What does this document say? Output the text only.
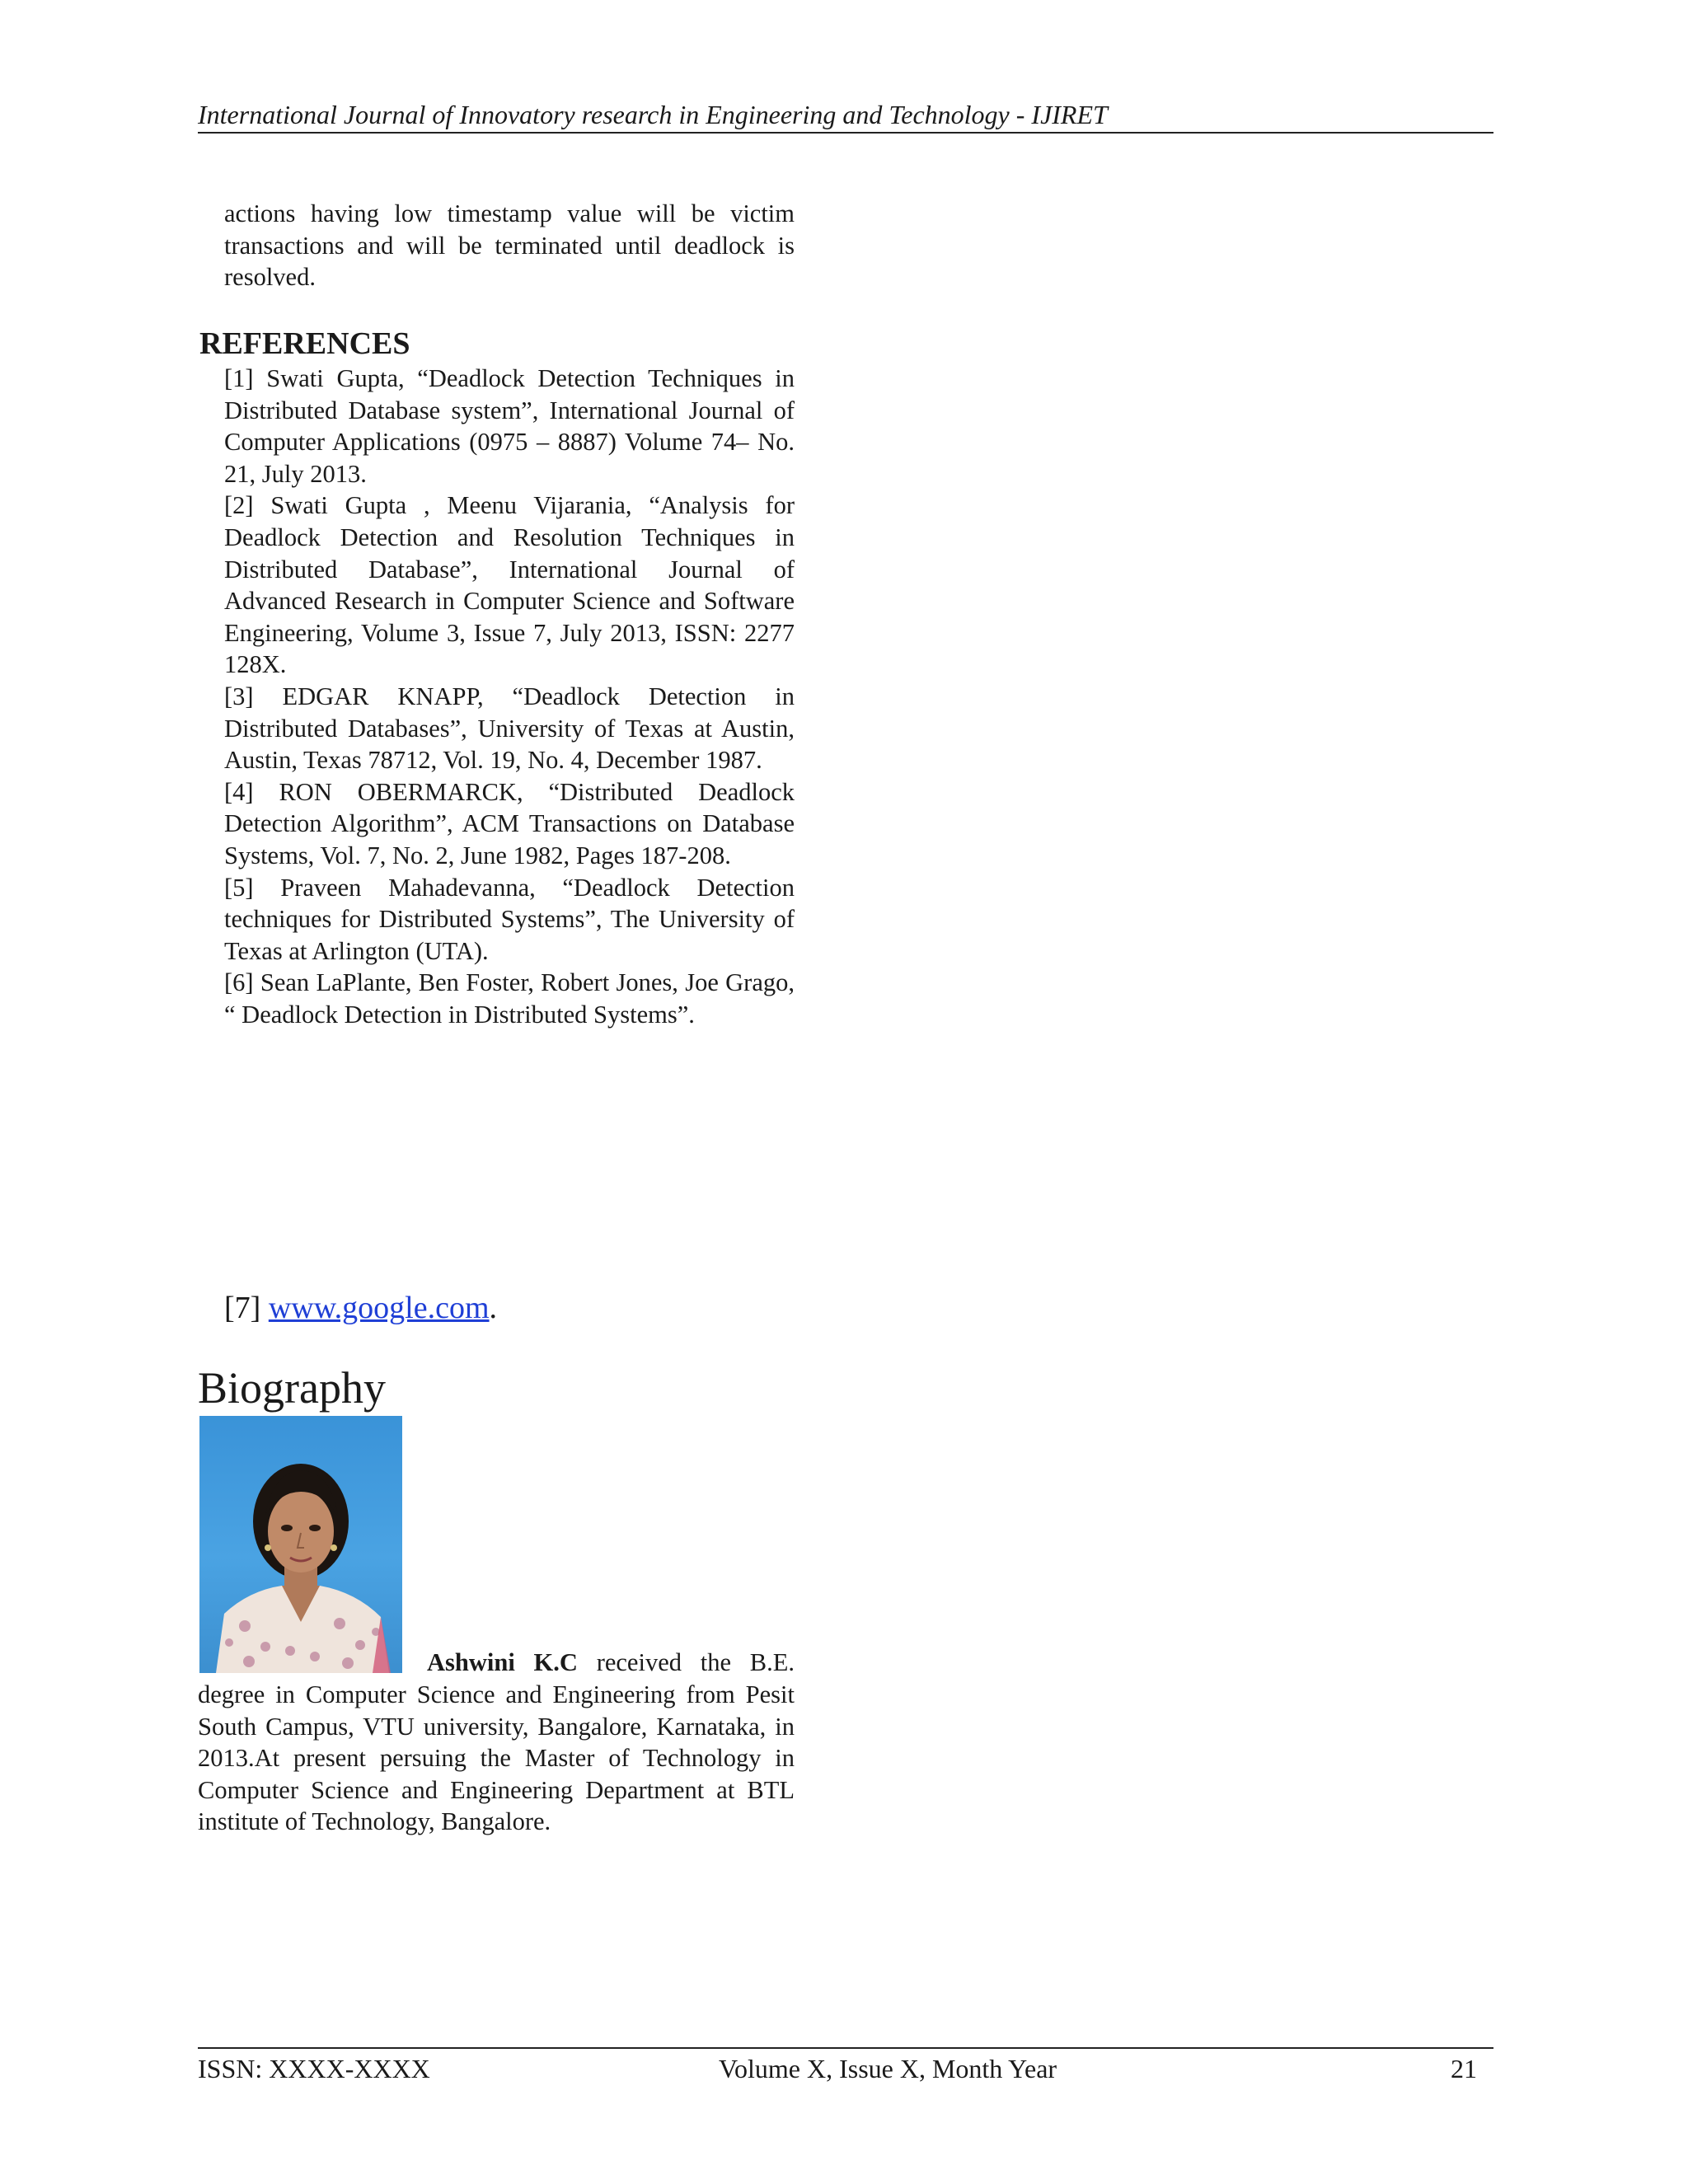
International Journal of Innovatory research in Engineering and Technology - IJIRET

actions having low timestamp value will be victim transactions and will be terminated until deadlock is resolved.

REFERENCES

[1] Swati Gupta, “Deadlock Detection Techniques in Distributed Database system”, International Journal of Computer Applications (0975 – 8887) Volume 74– No. 21, July 2013.

[2] Swati Gupta , Meenu Vijarania, “Analysis for Deadlock Detection and Resolution Techniques in Distributed Database”, International Journal of Advanced Research in Computer Science and Software Engineering, Volume 3, Issue 7, July 2013, ISSN: 2277 128X.

[3] EDGAR KNAPP, “Deadlock Detection in Distributed Databases”, University of Texas at Austin, Austin, Texas 78712, Vol. 19, No. 4, December 1987.

[4] RON OBERMARCK, “Distributed Deadlock Detection Algorithm”, ACM Transactions on Database Systems, Vol. 7, No. 2, June 1982, Pages 187-208.

[5] Praveen Mahadevanna, “Deadlock Detection techniques for Distributed Systems”, The University of Texas at Arlington (UTA).

[6] Sean LaPlante, Ben Foster, Robert Jones, Joe Grago, “ Deadlock Detection in Distributed Systems”.

[7] www.google.com.
Biography
Ashwini K.C received the B.E.
degree in Computer Science and Engineering from Pesit South Campus, VTU university, Bangalore, Karnataka, in 2013.At present persuing the Master of Technology in Computer Science and Engineering Department at BTL institute of Technology, Bangalore.
ISSN: XXXX-XXXX	Volume X, Issue X, Month Year	21
